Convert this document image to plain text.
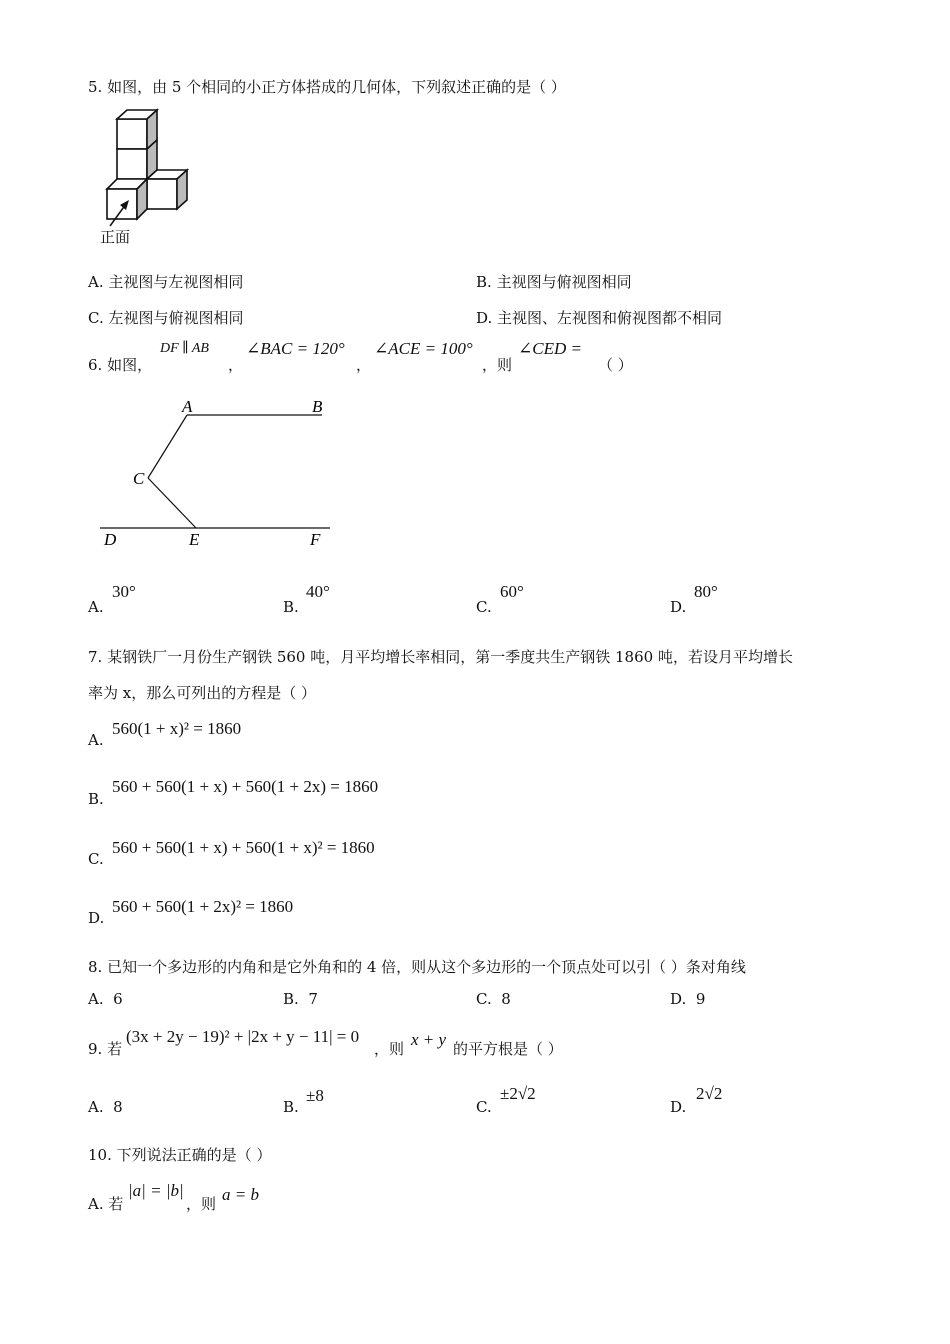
5. 如图，由 5 个相同的小正方体搭成的几何体，下列叙述正确的是（ ）
正面
A. 主视图与左视图相同	B. 主视图与俯视图相同
C. 左视图与俯视图相同	D. 主视图、左视图和俯视图都不相同
6. 如图，
DF ∥ AB
，
∠BAC = 120°
，
∠ACE = 100°
，则
∠CED =
（ ）
A	B
C
D	E	F
A.
30°
B.
40°
C.
60°
D.
80°
7. 某钢铁厂一月份生产钢铁 560 吨，月平均增长率相同，第一季度共生产钢铁 1860 吨，若设月平均增长
率为 x，那么可列出的方程是（ ）
A.
560(1 + x)² = 1860
B.
560 + 560(1 + x) + 560(1 + 2x) = 1860
C.
560 + 560(1 + x) + 560(1 + x)² = 1860
D.
560 + 560(1 + 2x)² = 1860
8. 已知一个多边形的内角和是它外角和的 4 倍，则从这个多边形的一个顶点处可以引（ ）条对角线
A. 6	B. 7	C. 8	D. 9
9. 若
(3x + 2y − 19)² + |2x + y − 11| = 0
，则 x + y 的平方根是（ ）
A. 8	B.
±8
C.
±2√2
D.
2√2
10. 下列说法正确的是（ ）
A. 若
|a| = |b|
，则 a = b
